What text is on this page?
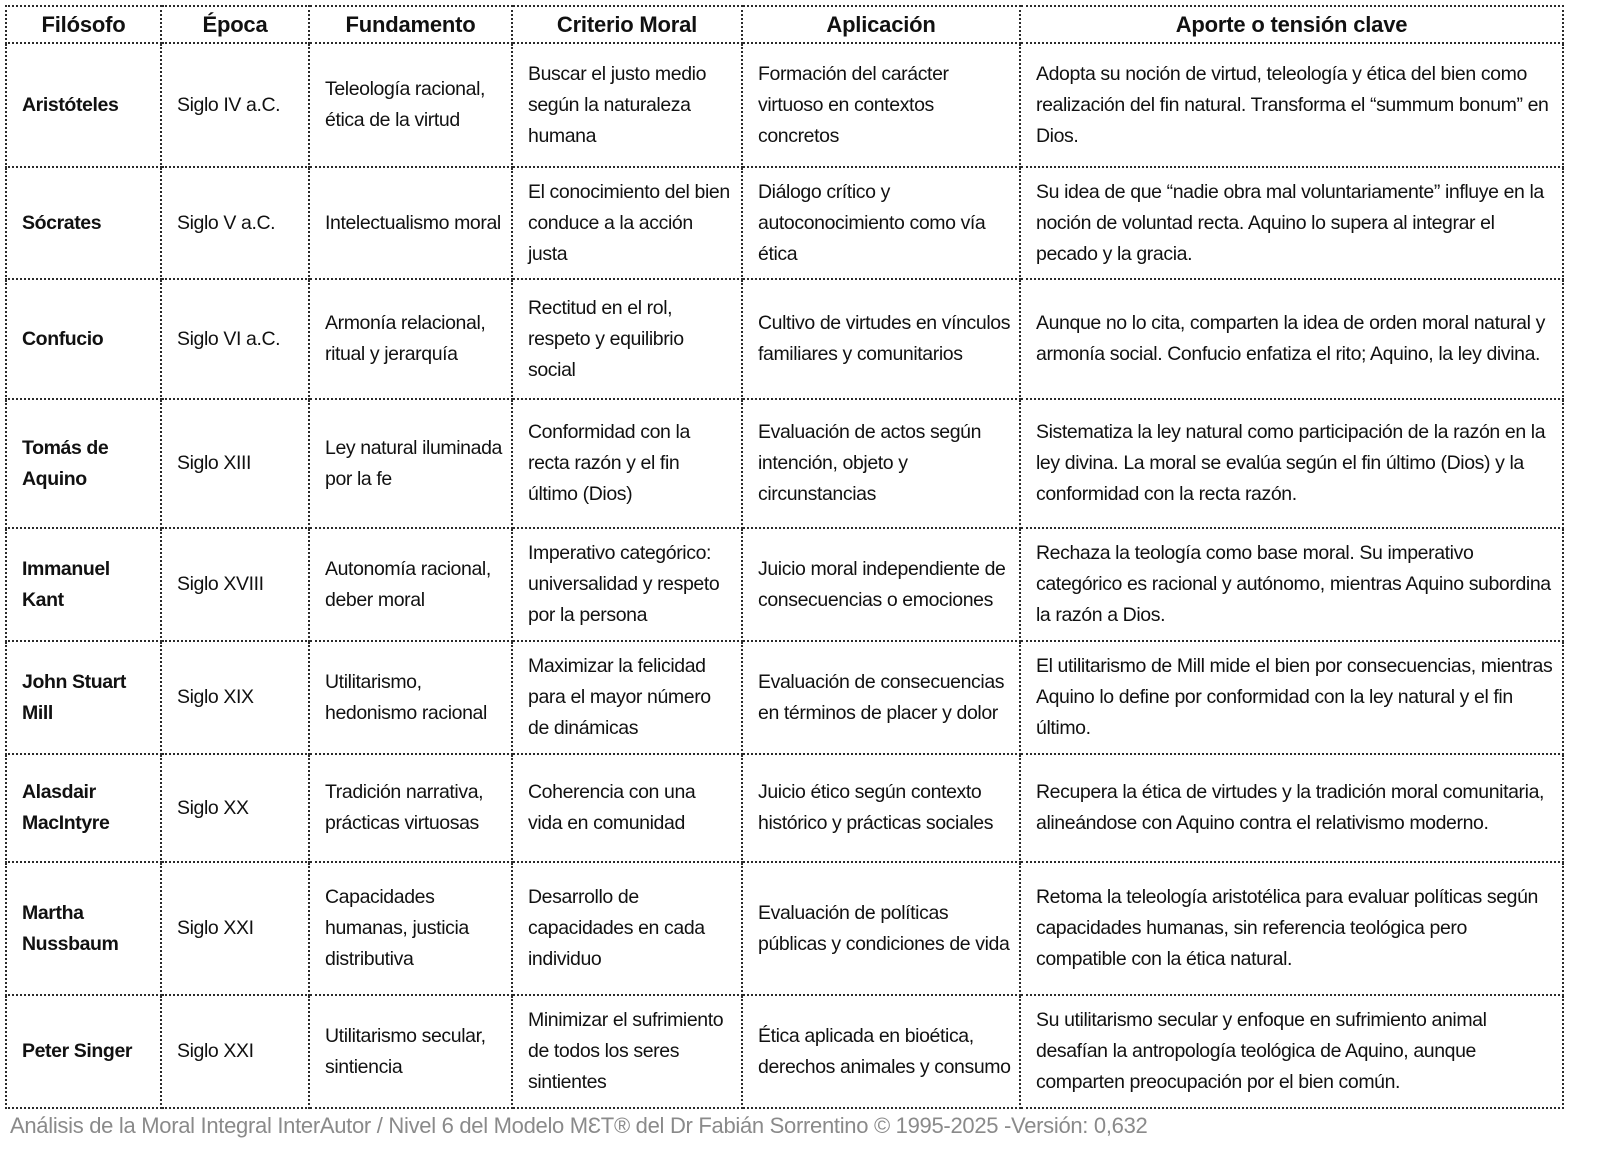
Filósofo	Época	Fundamento	Criterio Moral	Aplicación	Aporte o tensión clave
Aristóteles	Siglo IV a.C.	Teleología racional, ética de la virtud	Buscar el justo medio según la naturaleza humana	Formación del carácter virtuoso en contextos concretos	Adopta su noción de virtud, teleología y ética del bien como realización del fin natural. Transforma el “summum bonum” en Dios.
Sócrates	Siglo V a.C.	Intelectualismo moral	El conocimiento del bien conduce a la acción justa	Diálogo crítico y autoconocimiento como vía ética	Su idea de que “nadie obra mal voluntariamente” influye en la noción de voluntad recta. Aquino lo supera al integrar el pecado y la gracia.
Confucio	Siglo VI a.C.	Armonía relacional, ritual y jerarquía	Rectitud en el rol, respeto y equilibrio social	Cultivo de virtudes en vínculos familiares y comunitarios	Aunque no lo cita, comparten la idea de orden moral natural y armonía social. Confucio enfatiza el rito; Aquino, la ley divina.
Tomás de Aquino	Siglo XIII	Ley natural iluminada por la fe	Conformidad con la recta razón y el fin último (Dios)	Evaluación de actos según intención, objeto y circunstancias	Sistematiza la ley natural como participación de la razón en la ley divina. La moral se evalúa según el fin último (Dios) y la conformidad con la recta razón.
Immanuel Kant	Siglo XVIII	Autonomía racional, deber moral	Imperativo categórico: universalidad y respeto por la persona	Juicio moral independiente de consecuencias o emociones	Rechaza la teología como base moral. Su imperativo categórico es racional y autónomo, mientras Aquino subordina la razón a Dios.
John Stuart Mill	Siglo XIX	Utilitarismo, hedonismo racional	Maximizar la felicidad para el mayor número de dinámicas	Evaluación de consecuencias en términos de placer y dolor	El utilitarismo de Mill mide el bien por consecuencias, mientras Aquino lo define por conformidad con la ley natural y el fin último.
Alasdair MacIntyre	Siglo XX	Tradición narrativa, prácticas virtuosas	Coherencia con una vida en comunidad	Juicio ético según contexto histórico y prácticas sociales	Recupera la ética de virtudes y la tradición moral comunitaria, alineándose con Aquino contra el relativismo moderno.
Martha Nussbaum	Siglo XXI	Capacidades humanas, justicia distributiva	Desarrollo de capacidades en cada individuo	Evaluación de políticas públicas y condiciones de vida	Retoma la teleología aristotélica para evaluar políticas según capacidades humanas, sin referencia teológica pero compatible con la ética natural.
Peter Singer	Siglo XXI	Utilitarismo secular, sintiencia	Minimizar el sufrimiento de todos los seres sintientes	Ética aplicada en bioética, derechos animales y consumo	Su utilitarismo secular y enfoque en sufrimiento animal desafían la antropología teológica de Aquino, aunque comparten preocupación por el bien común.
Análisis de la Moral Integral InterAutor / Nivel 6 del Modelo MƐT® del Dr Fabián Sorrentino © 1995-2025 -Versión: 0,632
